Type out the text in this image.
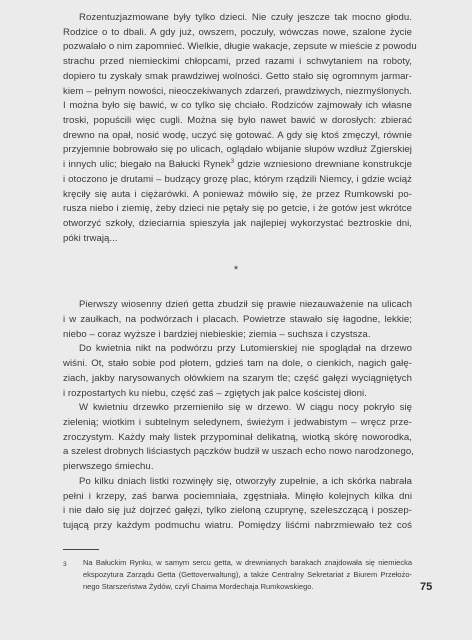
Rozentuzjazmowane były tylko dzieci. Nie czuły jeszcze tak mocno głodu.
Rodzice o to dbali. A gdy już, owszem, poczuły, wówczas nowe, szalone życie
pozwalało o nim zapomnieć. Wielkie, długie wakacje, zepsute w mieście z powodu
strachu przed niemieckimi chłopcami, przed razami i schwytaniem na roboty,
dopiero tu zyskały smak prawdziwej wolności. Getto stało się ogromnym jarmar-
kiem – pełnym nowości, nieoczekiwanych zdarzeń, prawdziwych, niezmyślonych.
I można było się bawić, w co tylko się chciało. Rodziców zajmowały ich własne
troski, popuścili więc cugli. Można się było nawet bawić w dorosłych: zbierać
drewno na opał, nosić wodę, uczyć się gotować. A gdy się ktoś zmęczył, równie
przyjemnie bobrowało się po ulicach, oglądało wbijanie słupów wzdłuż Zgierskiej
i innych ulic; biegało na Bałucki Rynek$^3$ gdzie wzniesiono drewniane konstrukcje
i otoczono je drutami – budzący grozę plac, którym rządzili Niemcy, i gdzie wciąż
kręciły się auta i ciężarówki. A ponieważ mówiło się, że przez Rumkowski po-
rusza niebo i ziemię, żeby dzieci nie pętały się po getcie, i że gotów jest wkrótce
otworzyć szkoły, dzieciarnia spieszyła jak najlepiej wykorzystać beztroskie dni,
póki trwają...
*
Pierwszy wiosenny dzień getta zbudził się prawie niezauważenie na ulicach
i w zaułkach, na podwórzach i placach. Powietrze stawało się łagodne, lekkie;
niebo – coraz wyższe i bardziej niebieskie; ziemia – suchsza i czystsza.
Do kwietnia nikt na podwórzu przy Lutomierskiej nie spoglądał na drzewo
wiśni. Ot, stało sobie pod płotem, gdzieś tam na dole, o cienkich, nagich gałę-
ziach, jakby narysowanych ołówkiem na szarym tle; część gałęzi wyciągniętych
i rozpostartych ku niebu, część zaś – zgiętych jak palce kościstej dłoni.
W kwietniu drzewko przemieniło się w drzewo. W ciągu nocy pokryło się
zielenią; wiotkim i subtelnym seledynem, świeżym i jedwabistym – wręcz prze-
zroczystym. Każdy mały listek przypominał delikatną, wiotką skórę noworodka,
a szelest drobnych liściastych pączków budził w uszach echo nowo narodzonego,
pierwszego śmiechu.
Po kilku dniach listki rozwinęły się, otworzyły zupełnie, a ich skórka nabrała
pełni i krzepy, zaś barwa pociemniała, zgęstniała. Minęło kolejnych kilka dni
i nie dało się już dojrzeć gałęzi, tylko zieloną czuprynę, szeleszczącą i poszep-
tującą przy każdym podmuchu wiatru. Pomiędzy liśćmi nabrzmiewało też coś
3 Na Bałuckim Rynku, w samym sercu getta, w drewnianych barakach znajdowała się niemiecka
ekspozytura Zarządu Getta (Gettoverwaltung), a także Centralny Sekretariat z Biurem Przełożo-
nego Starszeństwa Żydów, czyli Chaima Mordechaja Rumkowskiego.	75
